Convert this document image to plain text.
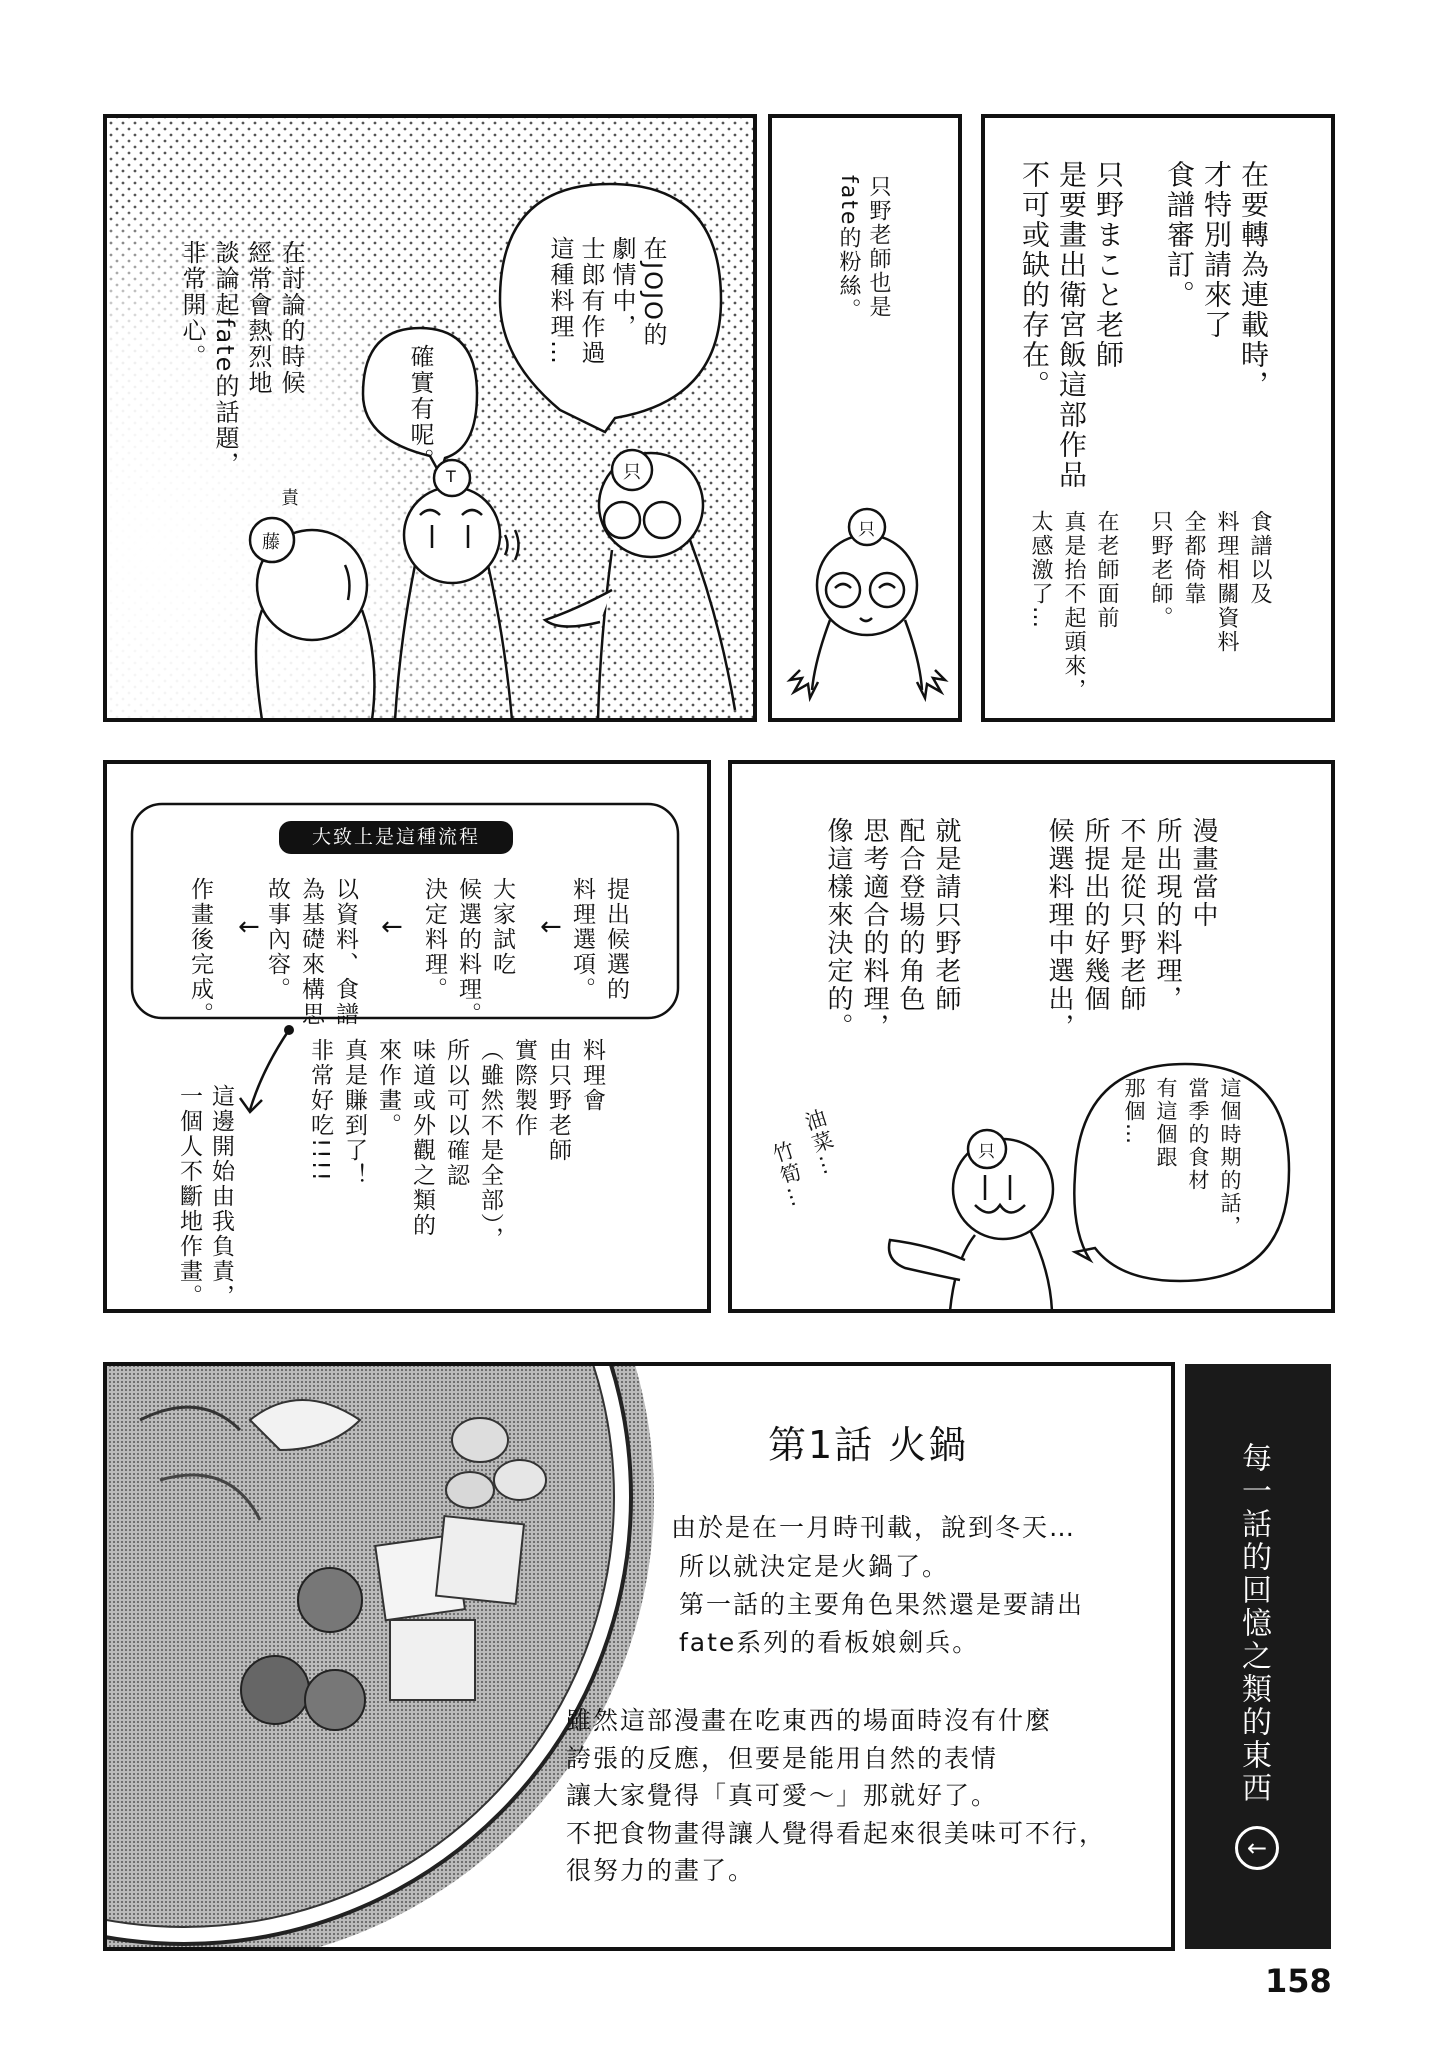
在討論的時候
經常會熱烈地
談論起fate的話題，
非常開心。	在JOJO的
劇情中，
士郎有作過
這種料理…
確實有呢。
藤
責
T	只
只野老師也是
fate的粉絲。
只
在要轉為連載時，
才特別請來了
食譜審訂。
只野まこと老師
是要畫出衛宮飯這部作品
不可或缺的存在。
食譜以及
料理相關資料
全都倚靠
只野老師。
在老師面前
真是抬不起頭來，
太感激了…
大致上是這種流程
提出候選的
料理選項。
←
大家試吃
候選的料理。
決定料理。
←
以資料、食譜
為基礎來構思
故事內容。
←
作畫後完成。
料理會
由只野老師
實際製作
（雖然不是全部），
所以可以確認
味道或外觀之類的
來作畫。
真是賺到了！
非常好吃!!!!
這邊開始由我負責，
一個人不斷地作畫。
漫畫當中
所出現的料理，
不是從只野老師
所提出的好幾個
候選料理中選出，
就是請只野老師
配合登場的角色
思考適合的料理，
像這樣來決定的。
這個時期的話，
當季的食材
有這個跟
那個…
油菜…
竹筍…	只
第1話 火鍋
由於是在一月時刊載，說到冬天…
所以就決定是火鍋了。
第一話的主要角色果然還是要請出
fate系列的看板娘劍兵。
雖然這部漫畫在吃東西的場面時沒有什麼
誇張的反應，但要是能用自然的表情
讓大家覺得「真可愛～」那就好了。
不把食物畫得讓人覺得看起來很美味可不行，
很努力的畫了。
每一話的回憶之類的東西
←
158
